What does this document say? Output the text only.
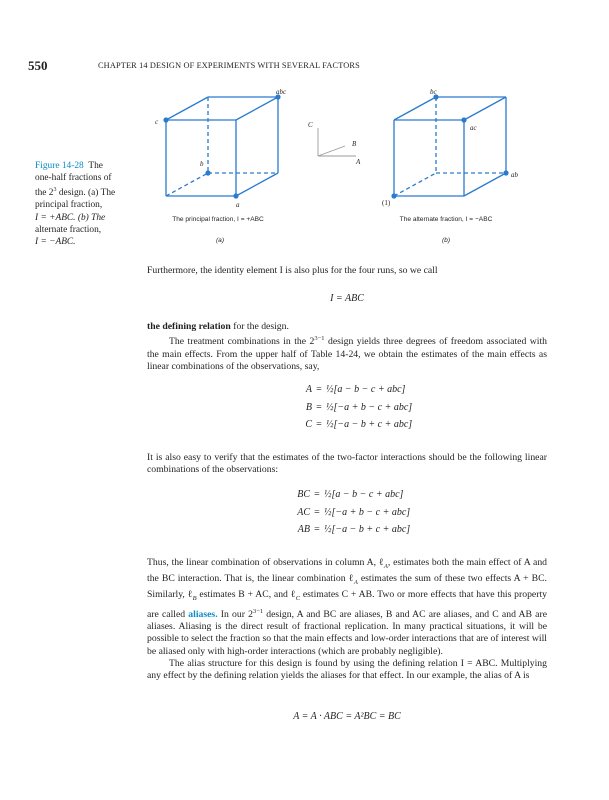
550	CHAPTER 14 DESIGN OF EXPERIMENTS WITH SEVERAL FACTORS
abc
c
b
a
The principal fraction, I = +ABC
(a)
C
B
A
bc
ac
ab
(1)
The alternate fraction, I = −ABC
(b)
Figure 14-28 The
one-half fractions of
the $2^3$ design. (a) The
principal fraction,
I = +ABC. (b) The
alternate fraction,
I = −ABC.

Furthermore, the identity element I is also plus for the four runs, so we call

I = ABC

the defining relation for the design.

The treatment combinations in the $2^{3-1}$ design yields three degrees of freedom associated with the main effects. From the upper half of Table 14-24, we obtain the estimates of the main effects as linear combinations of the observations, say,

A = ½[a − b − c + abc]
B = ½[−a + b − c + abc]
C = ½[−a − b + c + abc]

It is also easy to verify that the estimates of the two-factor interactions should be the following linear combinations of the observations:

BC = ½[a − b − c + abc]
AC = ½[−a + b − c + abc]
AB = ½[−a − b + c + abc]

Thus, the linear combination of observations in column A, ℓ$_A$, estimates both the main effect of A and the BC interaction. That is, the linear combination ℓ$_A$ estimates the sum of these two effects A + BC. Similarly, ℓ$_B$ estimates B + AC, and ℓ$_C$ estimates C + AB. Two or more effects that have this property are called aliases. In our $2^{3-1}$ design, A and BC are aliases, B and AC are aliases, and C and AB are aliases. Aliasing is the direct result of fractional replication. In many practical situations, it will be possible to select the fraction so that the main effects and low-order interactions that are of interest will be aliased only with high-order interactions (which are probably negligible).

The alias structure for this design is found by using the defining relation I = ABC. Multiplying any effect by the defining relation yields the aliases for that effect. In our example, the alias of A is

A = A · ABC = A²BC = BC
